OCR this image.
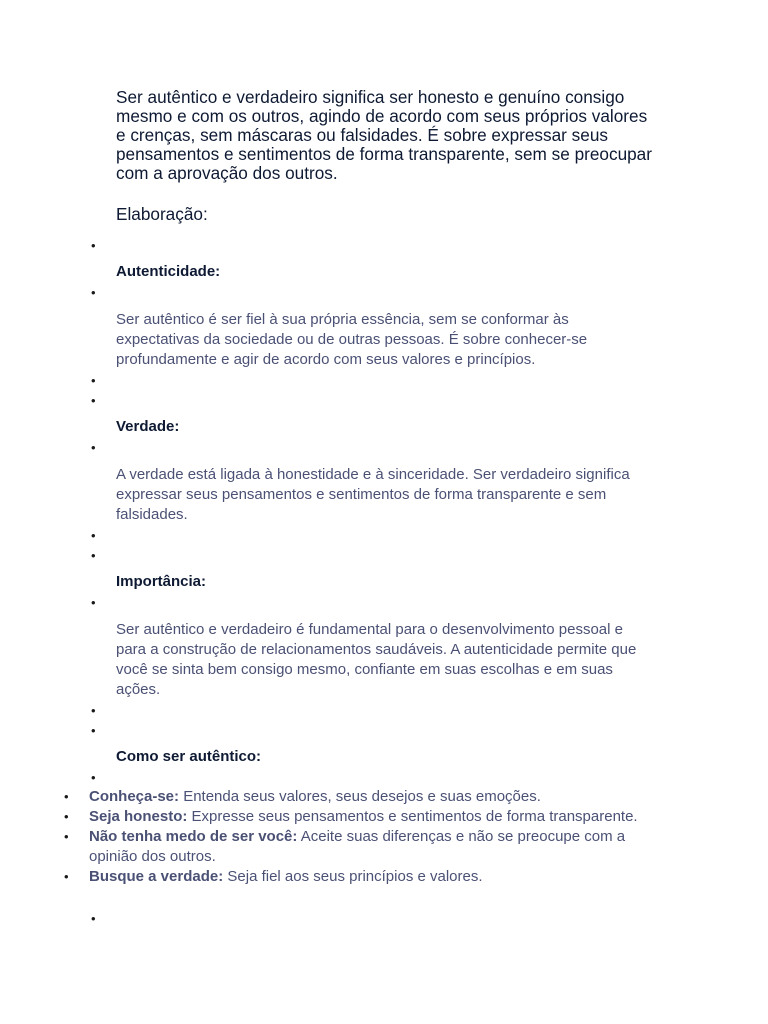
Ser autêntico e verdadeiro significa ser honesto e genuíno consigo mesmo e com os outros, agindo de acordo com seus próprios valores e crenças, sem máscaras ou falsidades. É sobre expressar seus pensamentos e sentimentos de forma transparente, sem se preocupar com a aprovação dos outros.

Elaboração:
•
Autenticidade:
•

Ser autêntico é ser fiel à sua própria essência, sem se conformar às expectativas da sociedade ou de outras pessoas. É sobre conhecer-se profundamente e agir de acordo com seus valores e princípios.

•
•
Verdade:
•

A verdade está ligada à honestidade e à sinceridade. Ser verdadeiro significa expressar seus pensamentos e sentimentos de forma transparente e sem falsidades.

•
•
Importância:
•

Ser autêntico e verdadeiro é fundamental para o desenvolvimento pessoal e para a construção de relacionamentos saudáveis. A autenticidade permite que você se sinta bem consigo mesmo, confiante em suas escolhas e em suas ações.

•
•
Como ser autêntico:
•
• Conheça-se: Entenda seus valores, seus desejos e suas emoções.
• Seja honesto: Expresse seus pensamentos e sentimentos de forma transparente.
• Não tenha medo de ser você: Aceite suas diferenças e não se preocupe com a opinião dos outros.
• Busque a verdade: Seja fiel aos seus princípios e valores.
•
